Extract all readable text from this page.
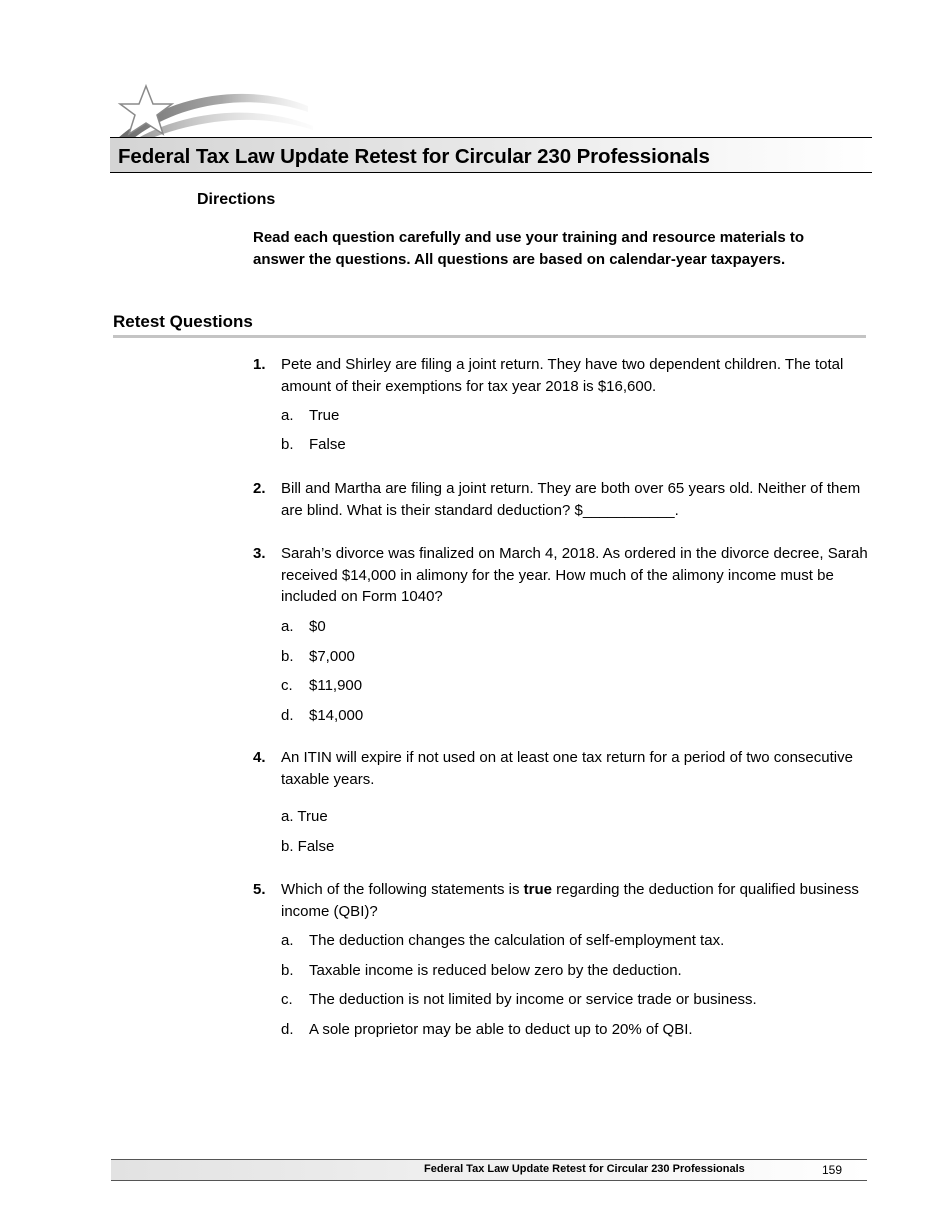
Federal Tax Law Update Retest for Circular 230 Professionals
Directions
Read each question carefully and use your training and resource materials to answer the questions. All questions are based on calendar-year taxpayers.
Retest Questions
1. Pete and Shirley are filing a joint return. They have two dependent children. The total amount of their exemptions for tax year 2018 is $16,600.
a. True
b. False
2. Bill and Martha are filing a joint return. They are both over 65 years old. Neither of them are blind. What is their standard deduction? $___________.
3. Sarah’s divorce was finalized on March 4, 2018. As ordered in the divorce decree, Sarah received $14,000 in alimony for the year. How much of the alimony income must be included on Form 1040?
a. $0
b. $7,000
c. $11,900
d. $14,000
4. An ITIN will expire if not used on at least one tax return for a period of two consecutive taxable years.
a. True
b. False
5. Which of the following statements is true regarding the deduction for qualified business income (QBI)?
a. The deduction changes the calculation of self-employment tax.
b. Taxable income is reduced below zero by the deduction.
c. The deduction is not limited by income or service trade or business.
d. A sole proprietor may be able to deduct up to 20% of QBI.
Federal Tax Law Update Retest for Circular 230 Professionals	159
